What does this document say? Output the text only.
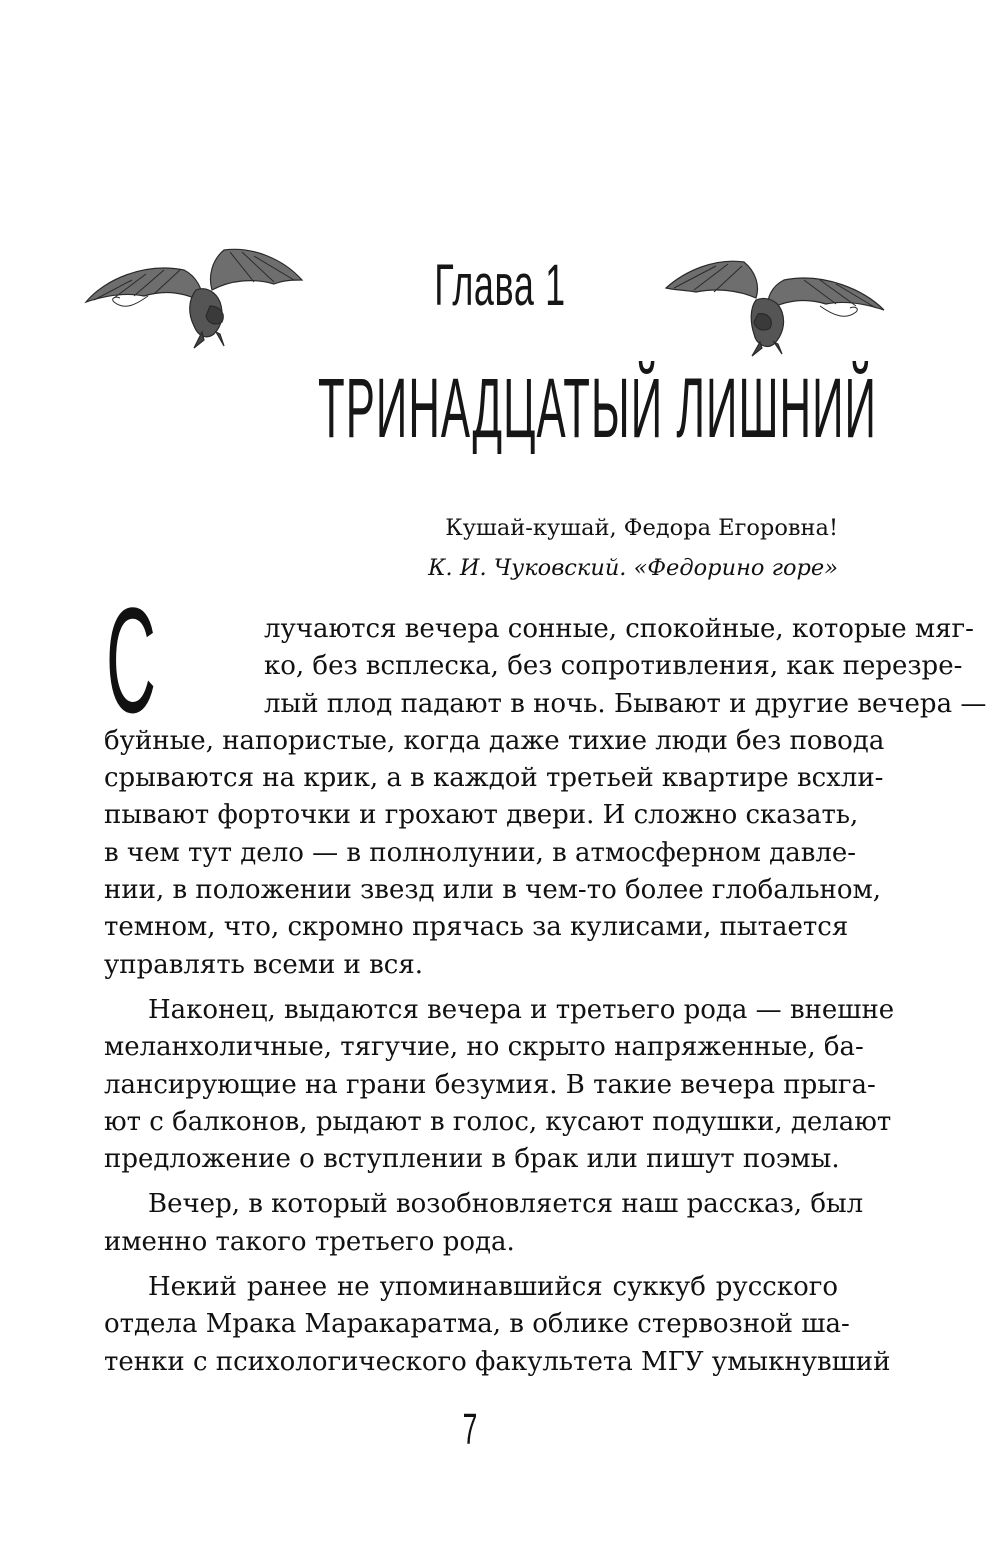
Глава 1
ТРИНАДЦАТЫЙ ЛИШНИЙ
Кушай-кушай, Федора Егоровна!
К. И. Чуковский. «Федорино горе»
С	лучаются вечера сонные, спокойные, которые мяг-
ко, без всплеска, без сопротивления, как перезре-
лый плод падают в ночь. Бывают и другие вечера —
буйные, напористые, когда даже тихие люди без повода
срываются на крик, а в каждой третьей квартире всхли-
пывают форточки и грохают двери. И сложно сказать,
в чем тут дело — в полнолунии, в атмосферном давле-
нии, в положении звезд или в чем-то более глобальном,
темном, что, скромно прячась за кулисами, пытается
управлять всеми и вся.
Наконец, выдаются вечера и третьего рода — внешне
меланхоличные, тягучие, но скрыто напряженные, ба-
лансирующие на грани безумия. В такие вечера прыга-
ют с балконов, рыдают в голос, кусают подушки, делают
предложение о вступлении в брак или пишут поэмы.
Вечер, в который возобновляется наш рассказ, был
именно такого третьего рода.
Некий ранее не упоминавшийся суккуб русского
отдела Мрака Маракаратма, в облике стервозной ша-
тенки с психологического факультета МГУ умыкнувший
7
